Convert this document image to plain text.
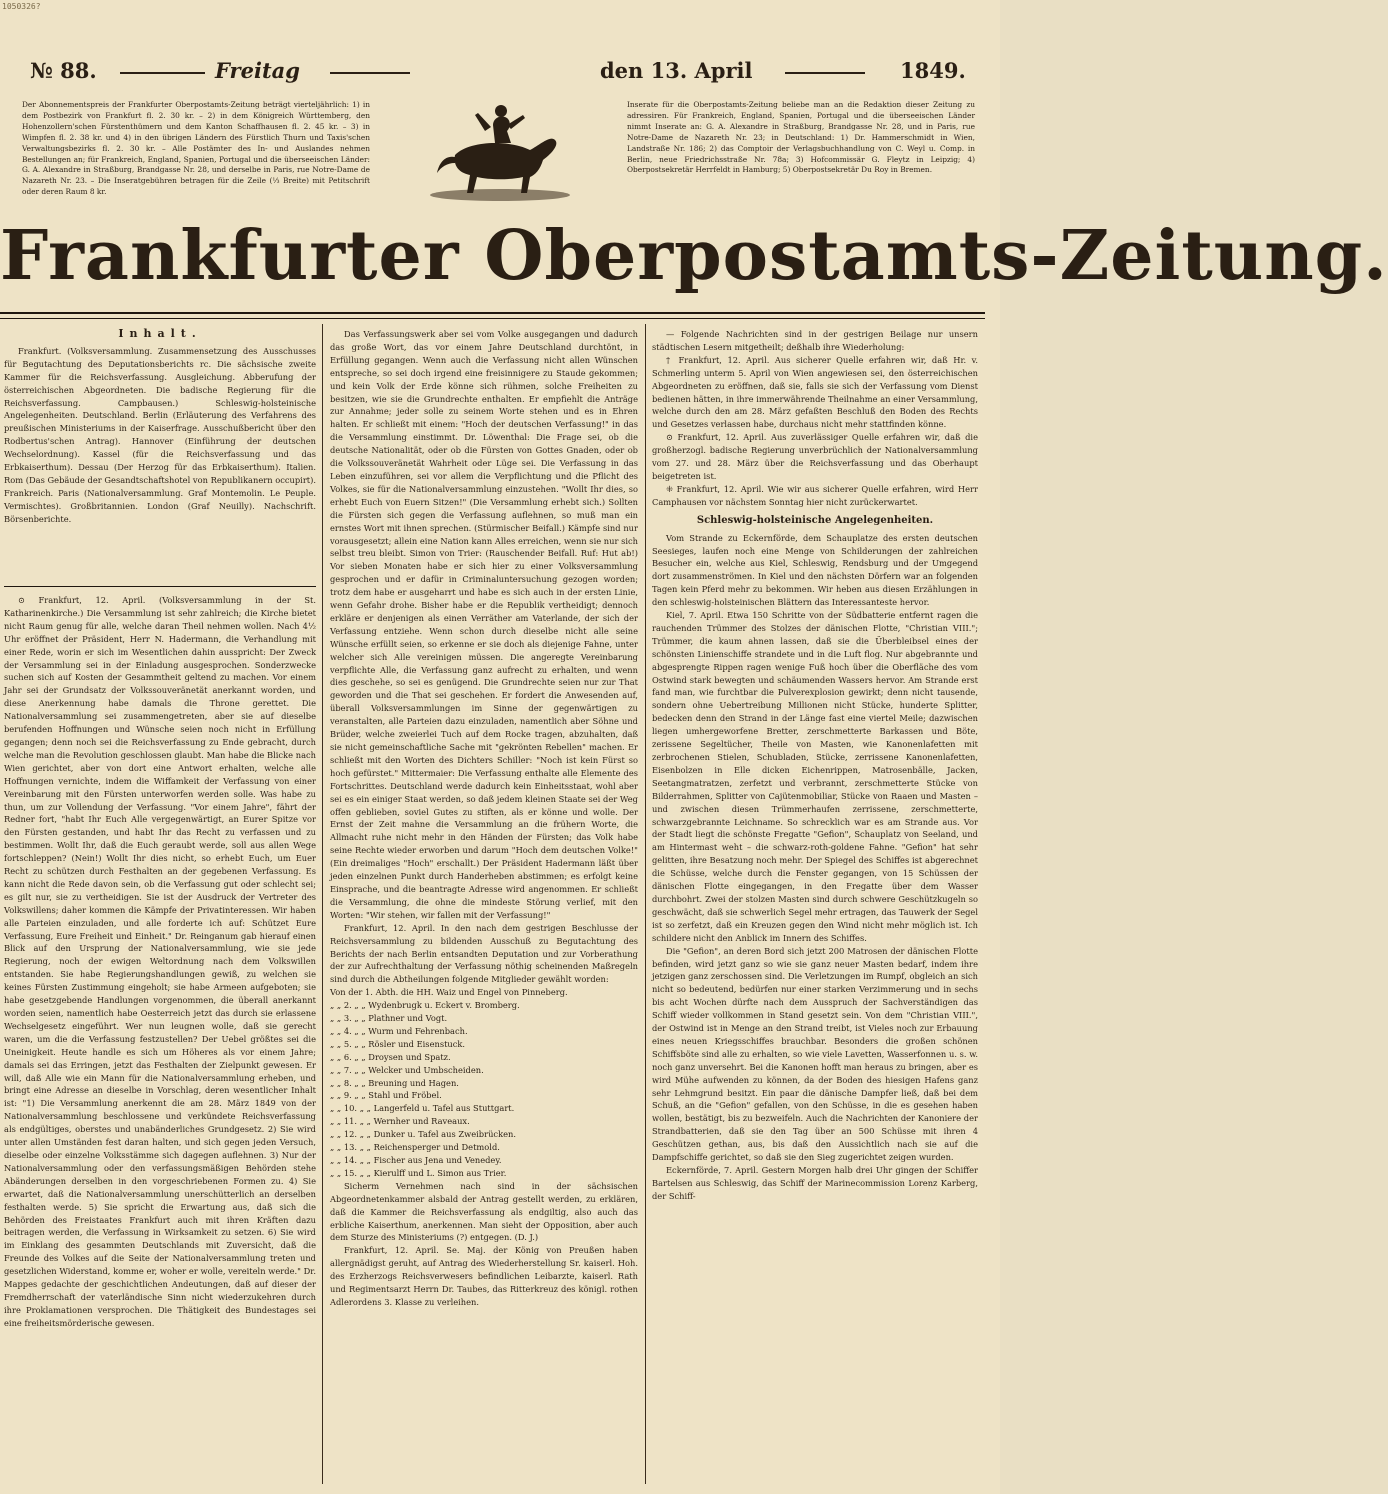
1050326?
№ 88.	Freitag	den 13. April	1849.
Der Abonnementspreis der Frankfurter Oberpostamts-Zeitung beträgt vierteljährlich: 1) in dem Postbezirk von Frankfurt fl. 2. 30 kr. – 2) in dem Königreich Württemberg, den Hohenzollern'schen Fürstenthümern und dem Kanton Schaffhausen fl. 2. 45 kr. – 3) in Wimpfen fl. 2. 38 kr. und 4) in den übrigen Ländern des Fürstlich Thurn und Taxis'schen Verwaltungsbezirks fl. 2. 30 kr. – Alle Postämter des In- und Auslandes nehmen Bestellungen an; für Frankreich, England, Spanien, Portugal und die überseeischen Länder: G. A. Alexandre in Straßburg, Brandgasse Nr. 28, und derselbe in Paris, rue Notre-Dame de Nazareth Nr. 23. – Die Inseratgebühren betragen für die Zeile (⅓ Breite) mit Petitschrift oder deren Raum 8 kr.
Inserate für die Oberpostamts-Zeitung beliebe man an die Redaktion dieser Zeitung zu adressiren. Für Frankreich, England, Spanien, Portugal und die überseeischen Länder nimmt Inserate an: G. A. Alexandre in Straßburg, Brandgasse Nr. 28, und in Paris, rue Notre-Dame de Nazareth Nr. 23; in Deutschland: 1) Dr. Hammerschmidt in Wien, Landstraße Nr. 186; 2) das Comptoir der Verlagsbuchhandlung von C. Weyl u. Comp. in Berlin, neue Friedrichsstraße Nr. 78a; 3) Hofcommissär G. Fleytz in Leipzig; 4) Oberpostsekretär Herrfeldt in Hamburg; 5) Oberpostsekretär Du Roy in Bremen.
Frankfurter Oberpostamts-Zeitung.
Inhalt.

Frankfurt. (Volksversammlung. Zusammensetzung des Ausschusses für Begutachtung des Deputationsberichts rc. Die sächsische zweite Kammer für die Reichsverfassung. Ausgleichung. Abberufung der österreichischen Abgeordneten. Die badische Regierung für die Reichsverfassung. Campbausen.) Schleswig-holsteinische Angelegenheiten. Deutschland. Berlin (Erläuterung des Verfahrens des preußischen Ministeriums in der Kaiserfrage. Ausschußbericht über den Rodbertus'schen Antrag). Hannover (Einführung der deutschen Wechselordnung). Kassel (für die Reichsverfassung und das Erbkaiserthum). Dessau (Der Herzog für das Erbkaiserthum). Italien. Rom (Das Gebäude der Gesandtschaftshotel von Republikanern occupirt). Frankreich. Paris (Nationalversammlung. Graf Montemolin. Le Peuple. Vermischtes). Großbritannien. London (Graf Neuilly). Nachschrift. Börsenberichte.

⊙ Frankfurt, 12. April. (Volksversammlung in der St. Katharinenkirche.) Die Versammlung ist sehr zahlreich; die Kirche bietet nicht Raum genug für alle, welche daran Theil nehmen wollen. Nach 4½ Uhr eröffnet der Präsident, Herr N. Hadermann, die Verhandlung mit einer Rede, worin er sich im Wesentlichen dahin ausspricht: Der Zweck der Versammlung sei in der Einladung ausgesprochen. Sonderzwecke suchen sich auf Kosten der Gesammtheit geltend zu machen. Vor einem Jahr sei der Grundsatz der Volkssouveränetät anerkannt worden, und diese Anerkennung habe damals die Throne gerettet. Die Nationalversammlung sei zusammengetreten, aber sie auf dieselbe berufenden Hoffnungen und Wünsche seien noch nicht in Erfüllung gegangen; denn noch sei die Reichsverfassung zu Ende gebracht, durch welche man die Revolution geschlossen glaubt. Man habe die Blicke nach Wien gerichtet, aber von dort eine Antwort erhalten, welche alle Hoffnungen vernichte, indem die Wiffamkeit der Verfassung von einer Vereinbarung mit den Fürsten unterworfen werden solle. Was habe zu thun, um zur Vollendung der Verfassung. "Vor einem Jahre", fährt der Redner fort, "habt Ihr Euch Alle vergegenwärtigt, an Eurer Spitze vor den Fürsten gestanden, und habt Ihr das Recht zu verfassen und zu bestimmen. Wollt Ihr, daß die Euch geraubt werde, soll aus allen Wege fortschleppen? (Nein!) Wollt Ihr dies nicht, so erhebt Euch, um Euer Recht zu schützen durch Festhalten an der gegebenen Verfassung. Es kann nicht die Rede davon sein, ob die Verfassung gut oder schlecht sei; es gilt nur, sie zu vertheidigen. Sie ist der Ausdruck der Vertreter des Volkswillens; daher kommen die Kämpfe der Privatinteressen. Wir haben alle Parteien einzuladen, und alle forderte ich auf: Schützet Eure Verfassung, Eure Freiheit und Einheit." Dr. Reinganum gab hierauf einen Blick auf den Ursprung der Nationalversammlung, wie sie jede Regierung, noch der ewigen Weltordnung nach dem Volkswillen entstanden. Sie habe Regierungshandlungen gewiß, zu welchen sie keines Fürsten Zustimmung eingeholt; sie habe Armeen aufgeboten; sie habe gesetzgebende Handlungen vorgenommen, die überall anerkannt worden seien, namentlich habe Oesterreich jetzt das durch sie erlassene Wechselgesetz eingeführt. Wer nun leugnen wolle, daß sie gerecht waren, um die die Verfassung festzustellen? Der Uebel größtes sei die Uneinigkeit. Heute handle es sich um Höheres als vor einem Jahre; damals sei das Erringen, jetzt das Festhalten der Zielpunkt gewesen. Er will, daß Alle wie ein Mann für die Nationalversammlung erheben, und bringt eine Adresse an dieselbe in Vorschlag, deren wesentlicher Inhalt ist: "1) Die Versammlung anerkennt die am 28. März 1849 von der Nationalversammlung beschlossene und verkündete Reichsverfassung als endgültiges, oberstes und unabänderliches Grundgesetz. 2) Sie wird unter allen Umständen fest daran halten, und sich gegen jeden Versuch, dieselbe oder einzelne Volksstämme sich dagegen auflehnen. 3) Nur der Nationalversammlung oder den verfassungsmäßigen Behörden stehe Abänderungen derselben in den vorgeschriebenen Formen zu. 4) Sie erwartet, daß die Nationalversammlung unerschütterlich an derselben festhalten werde. 5) Sie spricht die Erwartung aus, daß sich die Behörden des Freistaates Frankfurt auch mit ihren Kräften dazu beitragen werden, die Verfassung in Wirksamkeit zu setzen. 6) Sie wird im Einklang des gesammten Deutschlands mit Zuversicht, daß die Freunde des Volkes auf die Seite der Nationalversammlung treten und gesetzlichen Widerstand, komme er, woher er wolle, vereiteln werde." Dr. Mappes gedachte der geschichtlichen Andeutungen, daß auf dieser der Fremdherrschaft der vaterländische Sinn nicht wiederzukehren durch ihre Proklamationen versprochen. Die Thätigkeit des Bundestages sei eine freiheitsmörderische gewesen.

Das Verfassungswerk aber sei vom Volke ausgegangen und dadurch das große Wort, das vor einem Jahre Deutschland durchtönt, in Erfüllung gegangen. Wenn auch die Verfassung nicht allen Wünschen entspreche, so sei doch irgend eine freisinnigere zu Staude gekommen; und kein Volk der Erde könne sich rühmen, solche Freiheiten zu besitzen, wie sie die Grundrechte enthalten. Er empfiehlt die Anträge zur Annahme; jeder solle zu seinem Worte stehen und es in Ehren halten. Er schließt mit einem: "Hoch der deutschen Verfassung!" in das die Versammlung einstimmt. Dr. Löwenthal: Die Frage sei, ob die deutsche Nationalität, oder ob die Fürsten von Gottes Gnaden, oder ob die Volkssouveränetät Wahrheit oder Lüge sei. Die Verfassung in das Leben einzuführen, sei vor allem die Verpflichtung und die Pflicht des Volkes, sie für die Nationalversammlung einzustehen. "Wollt Ihr dies, so erhebt Euch von Euern Sitzen!" (Die Versammlung erhebt sich.) Sollten die Fürsten sich gegen die Verfassung auflehnen, so muß man ein ernstes Wort mit ihnen sprechen. (Stürmischer Beifall.) Kämpfe sind nur vorausgesetzt; allein eine Nation kann Alles erreichen, wenn sie nur sich selbst treu bleibt. Simon von Trier: (Rauschender Beifall. Ruf: Hut ab!) Vor sieben Monaten habe er sich hier zu einer Volksversammlung gesprochen und er dafür in Criminaluntersuchung gezogen worden; trotz dem habe er ausgeharrt und habe es sich auch in der ersten Linie, wenn Gefahr drohe. Bisher habe er die Republik vertheidigt; dennoch erkläre er denjenigen als einen Verräther am Vaterlande, der sich der Verfassung entziehe. Wenn schon durch dieselbe nicht alle seine Wünsche erfüllt seien, so erkenne er sie doch als diejenige Fahne, unter welcher sich Alle vereinigen müssen. Die angeregte Vereinbarung verpflichte Alle, die Verfassung ganz aufrecht zu erhalten, und wenn dies geschehe, so sei es genügend. Die Grundrechte seien nur zur That geworden und die That sei geschehen. Er fordert die Anwesenden auf, überall Volksversammlungen im Sinne der gegenwärtigen zu veranstalten, alle Parteien dazu einzuladen, namentlich aber Söhne und Brüder, welche zweierlei Tuch auf dem Rocke tragen, abzuhalten, daß sie nicht gemeinschaftliche Sache mit "gekrönten Rebellen" machen. Er schließt mit den Worten des Dichters Schiller: "Noch ist kein Fürst so hoch gefürstet." Mittermaier: Die Verfassung enthalte alle Elemente des Fortschrittes. Deutschland werde dadurch kein Einheitsstaat, wohl aber sei es ein einiger Staat werden, so daß jedem kleinen Staate sei der Weg offen geblieben, soviel Gutes zu stiften, als er könne und wolle. Der Ernst der Zeit mahne die Versammlung an die frühern Worte, die Allmacht ruhe nicht mehr in den Händen der Fürsten; das Volk habe seine Rechte wieder erworben und darum "Hoch dem deutschen Volke!" (Ein dreimaliges "Hoch" erschallt.) Der Präsident Hadermann läßt über jeden einzelnen Punkt durch Handerheben abstimmen; es erfolgt keine Einsprache, und die beantragte Adresse wird angenommen. Er schließt die Versammlung, die ohne die mindeste Störung verlief, mit den Worten: "Wir stehen, wir fallen mit der Verfassung!"

Frankfurt, 12. April. In den nach dem gestrigen Beschlusse der Reichsversammlung zu bildenden Ausschuß zu Begutachtung des Berichts der nach Berlin entsandten Deputation und zur Vorberathung der zur Aufrechthaltung der Verfassung nöthig scheinenden Maßregeln sind durch die Abtheilungen folgende Mitglieder gewählt worden:

Von der 1. Abth. die HH. Waiz und Engel von Pinneberg.
„ „ 2. „ „ Wydenbrugk u. Eckert v. Bromberg.
„ „ 3. „ „ Plathner und Vogt.
„ „ 4. „ „ Wurm und Fehrenbach.
„ „ 5. „ „ Rösler und Eisenstuck.
„ „ 6. „ „ Droysen und Spatz.
„ „ 7. „ „ Welcker und Umbscheiden.
„ „ 8. „ „ Breuning und Hagen.
„ „ 9. „ „ Stahl und Fröbel.
„ „ 10. „ „ Langerfeld u. Tafel aus Stuttgart.
„ „ 11. „ „ Wernher und Raveaux.
„ „ 12. „ „ Dunker u. Tafel aus Zweibrücken.
„ „ 13. „ „ Reichensperger und Detmold.
„ „ 14. „ „ Fischer aus Jena und Venedey.
„ „ 15. „ „ Kierulff und L. Simon aus Trier.

Sicherm Vernehmen nach sind in der sächsischen Abgeordnetenkammer alsbald der Antrag gestellt werden, zu erklären, daß die Kammer die Reichsverfassung als endgiltig, also auch das erbliche Kaiserthum, anerkennen. Man sieht der Opposition, aber auch dem Sturze des Ministeriums (?) entgegen. (D. J.)

Frankfurt, 12. April. Se. Maj. der König von Preußen haben allergnädigst geruht, auf Antrag des Wiederherstellung Sr. kaiserl. Hoh. des Erzherzogs Reichsverwesers befindlichen Leibarzte, kaiserl. Rath und Regimentsarzt Herrn Dr. Taubes, das Ritterkreuz des königl. rothen Adlerordens 3. Klasse zu verleihen.

— Folgende Nachrichten sind in der gestrigen Beilage nur unsern städtischen Lesern mitgetheilt; deßhalb ihre Wiederholung:

† Frankfurt, 12. April. Aus sicherer Quelle erfahren wir, daß Hr. v. Schmerling unterm 5. April von Wien angewiesen sei, den österreichischen Abgeordneten zu eröffnen, daß sie, falls sie sich der Verfassung vom Dienst bedienen hätten, in ihre immerwährende Theilnahme an einer Versammlung, welche durch den am 28. März gefaßten Beschluß den Boden des Rechts und Gesetzes verlassen habe, durchaus nicht mehr stattfinden könne.

⊙ Frankfurt, 12. April. Aus zuverlässiger Quelle erfahren wir, daß die großherzogl. badische Regierung unverbrüchlich der Nationalversammlung vom 27. und 28. März über die Reichsverfassung und das Oberhaupt beigetreten ist.

⁜ Frankfurt, 12. April. Wie wir aus sicherer Quelle erfahren, wird Herr Camphausen vor nächstem Sonntag hier nicht zurückerwartet.

Schleswig-holsteinische Angelegenheiten.

Vom Strande zu Eckernförde, dem Schauplatze des ersten deutschen Seesieges, laufen noch eine Menge von Schilderungen der zahlreichen Besucher ein, welche aus Kiel, Schleswig, Rendsburg und der Umgegend dort zusammenströmen. In Kiel und den nächsten Dörfern war an folgenden Tagen kein Pferd mehr zu bekommen. Wir heben aus diesen Erzählungen in den schleswig-holsteinischen Blättern das Interessanteste hervor.

Kiel, 7. April. Etwa 150 Schritte von der Südbatterie entfernt ragen die rauchenden Trümmer des Stolzes der dänischen Flotte, "Christian VIII."; Trümmer, die kaum ahnen lassen, daß sie die Überbleibsel eines der schönsten Linienschiffe strandete und in die Luft flog. Nur abgebrannte und abgesprengte Rippen ragen wenige Fuß hoch über die Oberfläche des vom Ostwind stark bewegten und schäumenden Wassers hervor. Am Strande erst fand man, wie furchtbar die Pulverexplosion gewirkt; denn nicht tausende, sondern ohne Uebertreibung Millionen nicht Stücke, hunderte Splitter, bedecken denn den Strand in der Länge fast eine viertel Meile; dazwischen liegen umhergeworfene Bretter, zerschmetterte Barkassen und Böte, zerissene Segeltücher, Theile von Masten, wie Kanonenlafetten mit zerbrochenen Stielen, Schubladen, Stücke, zerrissene Kanonenlafetten, Eisenbolzen in Elle dicken Eichenrippen, Matrosenbälle, Jacken, Seetangmatratzen, zerfetzt und verbrannt, zerschmetterte Stücke von Bilderrahmen, Splitter von Cajütenmobiliar, Stücke von Raaen und Masten – und zwischen diesen Trümmerhaufen zerrissene, zerschmetterte, schwarzgebrannte Leichname. So schrecklich war es am Strande aus. Vor der Stadt liegt die schönste Fregatte "Gefion", Schauplatz von Seeland, und am Hintermast weht – die schwarz-roth-goldene Fahne. "Gefion" hat sehr gelitten, ihre Besatzung noch mehr. Der Spiegel des Schiffes ist abgerechnet die Schüsse, welche durch die Fenster gegangen, von 15 Schüssen der dänischen Flotte eingegangen, in den Fregatte über dem Wasser durchbohrt. Zwei der stolzen Masten sind durch schwere Geschützkugeln so geschwächt, daß sie schwerlich Segel mehr ertragen, das Tauwerk der Segel ist so zerfetzt, daß ein Kreuzen gegen den Wind nicht mehr möglich ist. Ich schildere nicht den Anblick im Innern des Schiffes.

Die "Gefion", an deren Bord sich jetzt 200 Matrosen der dänischen Flotte befinden, wird jetzt ganz so wie sie ganz neuer Masten bedarf, indem ihre jetzigen ganz zerschossen sind. Die Verletzungen im Rumpf, obgleich an sich nicht so bedeutend, bedürfen nur einer starken Verzimmerung und in sechs bis acht Wochen dürfte nach dem Ausspruch der Sachverständigen das Schiff wieder vollkommen in Stand gesetzt sein. Von dem "Christian VIII.", der Ostwind ist in Menge an den Strand treibt, ist Vieles noch zur Erbauung eines neuen Kriegsschiffes brauchbar. Besonders die großen schönen Schiffsböte sind alle zu erhalten, so wie viele Lavetten, Wasserfonnen u. s. w. noch ganz unversehrt. Bei die Kanonen hofft man heraus zu bringen, aber es wird Mühe aufwenden zu können, da der Boden des hiesigen Hafens ganz sehr Lehmgrund besitzt. Ein paar die dänische Dampfer ließ, daß bei dem Schuß, an die "Gefion" gefallen, von den Schüsse, in die es gesehen haben wollen, bestätigt, bis zu bezweifeln. Auch die Nachrichten der Kanoniere der Strandbatterien, daß sie den Tag über an 500 Schüsse mit ihren 4 Geschützen gethan, aus, bis daß den Aussichtlich nach sie auf die Dampfschiffe gerichtet, so daß sie den Sieg zugerichtet zeigen wurden.

Eckernförde, 7. April. Gestern Morgen halb drei Uhr gingen der Schiffer Bartelsen aus Schleswig, das Schiff der Marinecommission Lorenz Karberg, der Schiff-
